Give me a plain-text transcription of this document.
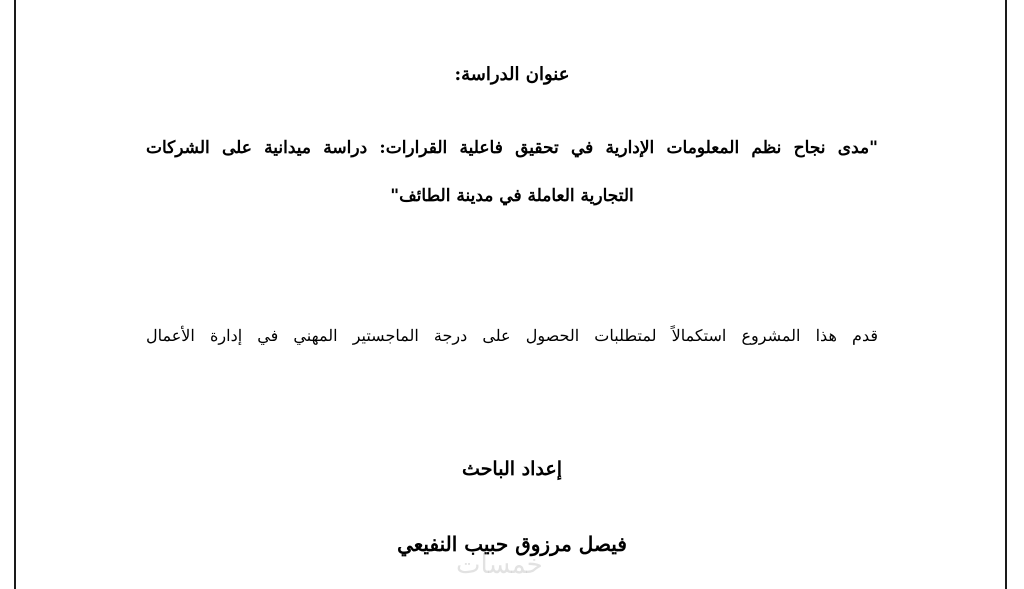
عنوان الدراسة:
"مدى نجاح نظم المعلومات الإدارية في تحقيق فاعلية القرارات: دراسة ميدانية على الشركات
التجارية العاملة في مدينة الطائف"
قدم هذا المشروع استكمالاً لمتطلبات الحصول على درجة الماجستير المهني في إدارة الأعمال
إعداد الباحث
فيصل مرزوق حبيب النفيعي
خمسات
